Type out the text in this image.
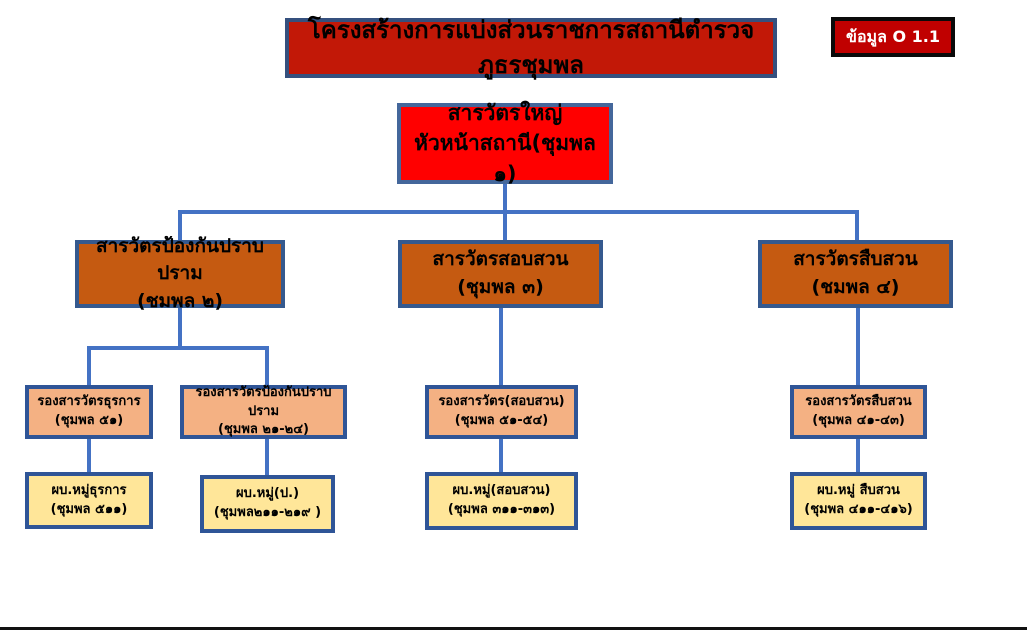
โครงสร้างการแบ่งส่วนราชการสถานีตำรวจภูธรชุมพล
ข้อมูล O 1.1
สารวัตรใหญ่
หัวหน้าสถานี(ชุมพล ๑)
สารวัตรป้องกันปราบปราม
(ชมพล ๒)
สารวัตรสอบสวน
(ชุมพล ๓)
สารวัตรสืบสวน
(ชมพล ๔)
รองสารวัตรธุรการ
(ชุมพล ๕๑)
รองสารวัตรป้องกันปราบปราม
(ชุมพล ๒๑-๒๔)
รองสารวัตร(สอบสวน)
(ชุมพล ๕๑-๕๔)
รองสารวัตรสืบสวน
(ชุมพล ๔๑-๔๓)
ผบ.หมู่ธุรการ
(ชุมพล ๕๑๑)
ผบ.หมู่(ป.)
(ชุมพล๒๑๑-๒๑๙ )
ผบ.หมู่(สอบสวน)
(ชุมพล ๓๑๑-๓๑๓)
ผบ.หมู่ สืบสวน
(ชุมพล ๔๑๑-๔๑๖)
